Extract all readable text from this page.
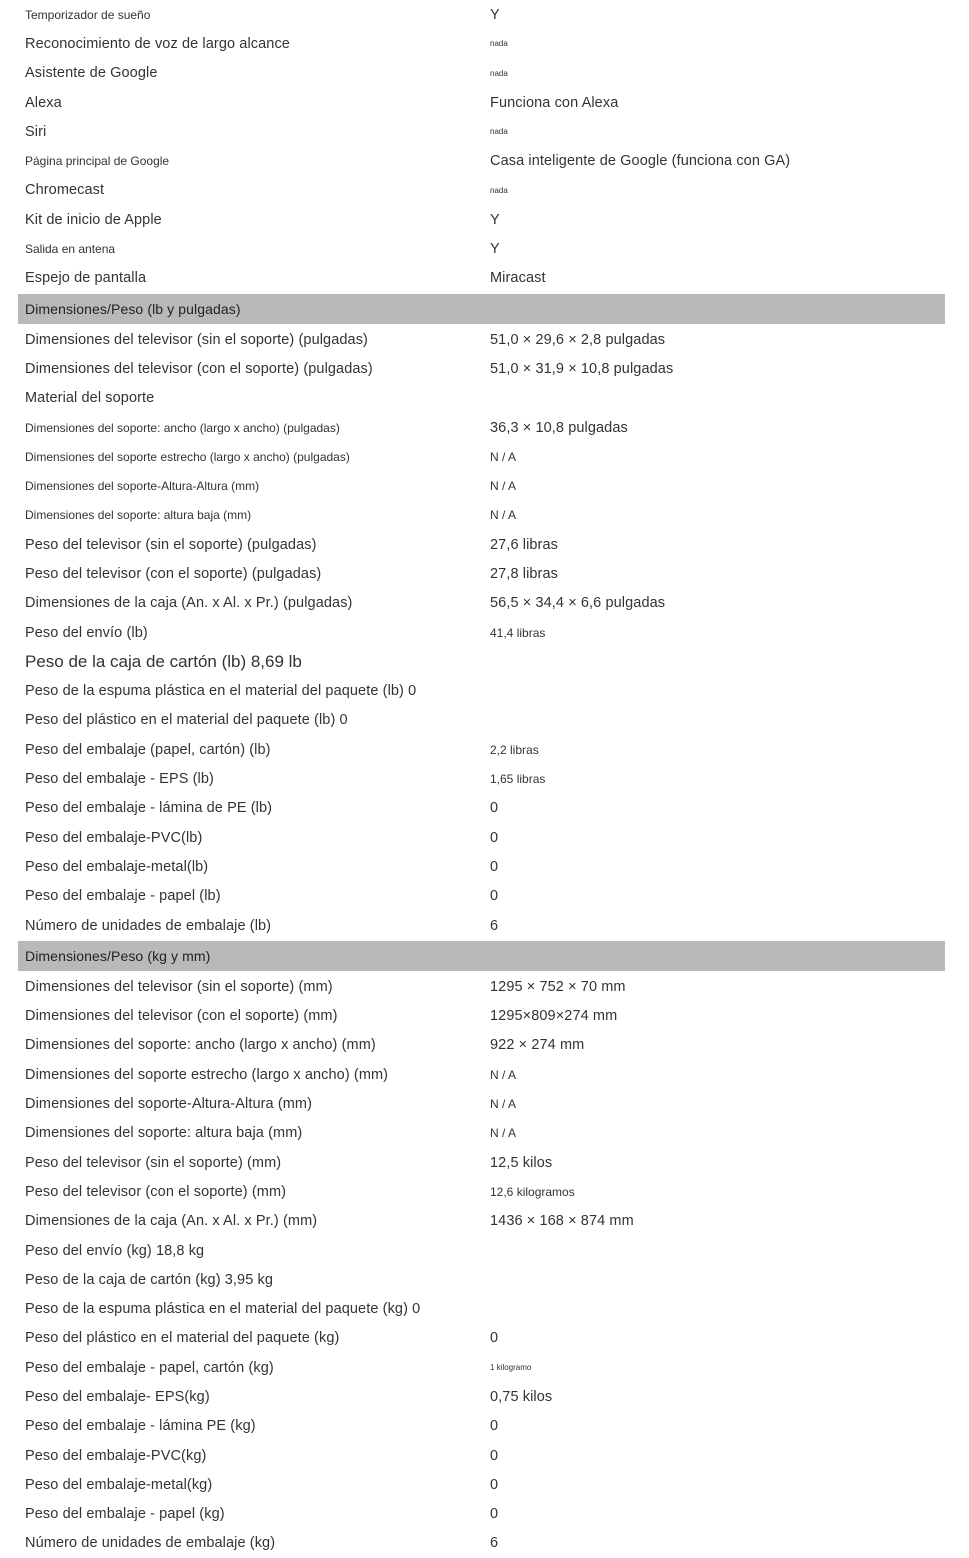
Temporizador de sueño	Y
Reconocimiento de voz de largo alcance	nada
Asistente de Google	nada
Alexa	Funciona con Alexa
Siri	nada
Página principal de Google	Casa inteligente de Google (funciona con GA)
Chromecast	nada
Kit de inicio de Apple	Y
Salida en antena	Y
Espejo de pantalla	Miracast
Dimensiones/Peso (lb y pulgadas)
Dimensiones del televisor (sin el soporte) (pulgadas)	51,0 × 29,6 × 2,8 pulgadas
Dimensiones del televisor (con el soporte) (pulgadas)	51,0 × 31,9 × 10,8 pulgadas
Material del soporte
Dimensiones del soporte: ancho (largo x ancho) (pulgadas)	36,3 × 10,8 pulgadas
Dimensiones del soporte estrecho (largo x ancho) (pulgadas)	N / A
Dimensiones del soporte-Altura-Altura (mm)	N / A
Dimensiones del soporte: altura baja (mm)	N / A
Peso del televisor (sin el soporte) (pulgadas)	27,6 libras
Peso del televisor (con el soporte) (pulgadas)	27,8 libras
Dimensiones de la caja (An. x Al. x Pr.) (pulgadas)	56,5 × 34,4 × 6,6 pulgadas
Peso del envío (lb)	41,4 libras
Peso de la caja de cartón (lb) 8,69 lb
Peso de la espuma plástica en el material del paquete (lb) 0
Peso del plástico en el material del paquete (lb) 0
Peso del embalaje (papel, cartón) (lb)	2,2 libras
Peso del embalaje - EPS (lb)	1,65 libras
Peso del embalaje - lámina de PE (lb)	0
Peso del embalaje-PVC(lb)	0
Peso del embalaje-metal(lb)	0
Peso del embalaje - papel (lb)	0
Número de unidades de embalaje (lb)	6
Dimensiones/Peso (kg y mm)
Dimensiones del televisor (sin el soporte) (mm)	1295 × 752 × 70 mm
Dimensiones del televisor (con el soporte) (mm)	1295×809×274 mm
Dimensiones del soporte: ancho (largo x ancho) (mm)	922 × 274 mm
Dimensiones del soporte estrecho (largo x ancho) (mm)	N / A
Dimensiones del soporte-Altura-Altura (mm)	N / A
Dimensiones del soporte: altura baja (mm)	N / A
Peso del televisor (sin el soporte) (mm)	12,5 kilos
Peso del televisor (con el soporte) (mm)	12,6 kilogramos
Dimensiones de la caja (An. x Al. x Pr.) (mm)	1436 × 168 × 874 mm
Peso del envío (kg) 18,8 kg
Peso de la caja de cartón (kg) 3,95 kg
Peso de la espuma plástica en el material del paquete (kg) 0
Peso del plástico en el material del paquete (kg)	0
Peso del embalaje - papel, cartón (kg)	1 kilogramo
Peso del embalaje- EPS(kg)	0,75 kilos
Peso del embalaje - lámina PE (kg)	0
Peso del embalaje-PVC(kg)	0
Peso del embalaje-metal(kg)	0
Peso del embalaje - papel (kg)	0
Número de unidades de embalaje (kg)	6
